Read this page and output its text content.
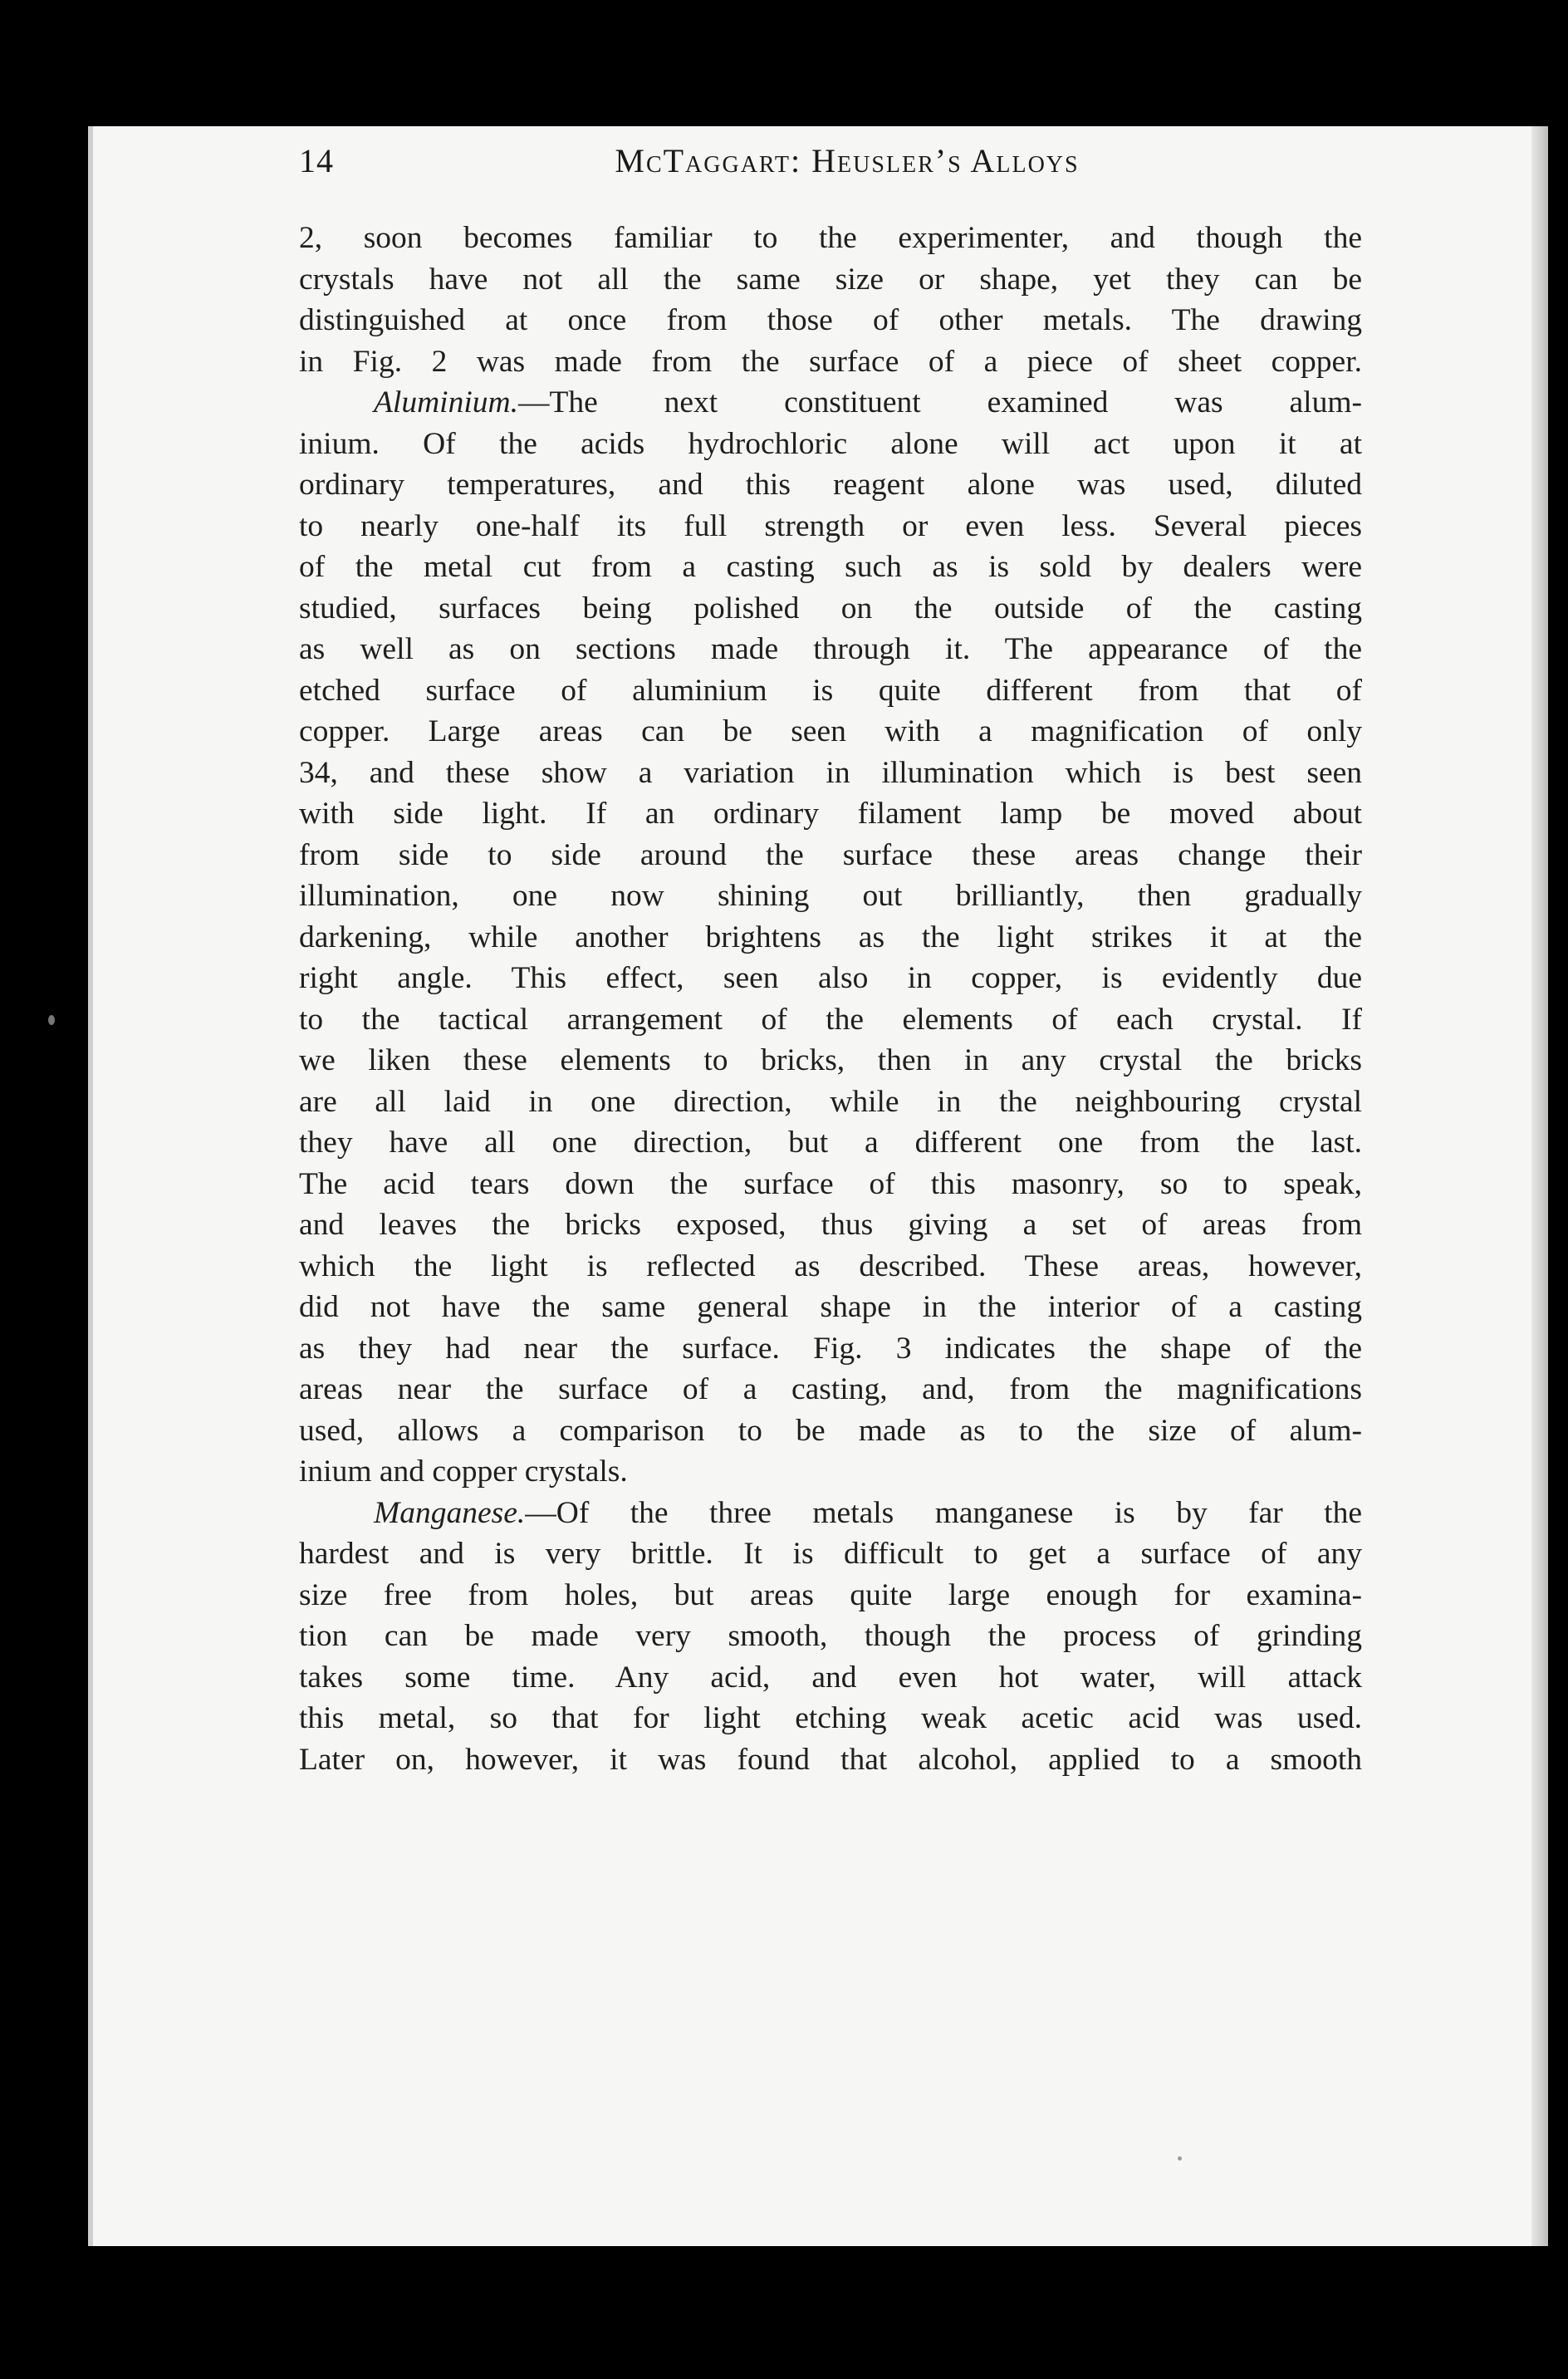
14	McTaggart: Heusler’s Alloys
2, soon becomes familiar to the experimenter, and though the
crystals have not all the same size or shape, yet they can be
distinguished at once from those of other metals. The drawing
in Fig. 2 was made from the surface of a piece of sheet copper.
Aluminium.—The next constituent examined was alum-
inium. Of the acids hydrochloric alone will act upon it at
ordinary temperatures, and this reagent alone was used, diluted
to nearly one-half its full strength or even less. Several pieces
of the metal cut from a casting such as is sold by dealers were
studied, surfaces being polished on the outside of the casting
as well as on sections made through it. The appearance of the
etched surface of aluminium is quite different from that of
copper. Large areas can be seen with a magnification of only
34, and these show a variation in illumination which is best seen
with side light. If an ordinary filament lamp be moved about
from side to side around the surface these areas change their
illumination, one now shining out brilliantly, then gradually
darkening, while another brightens as the light strikes it at the
right angle. This effect, seen also in copper, is evidently due
to the tactical arrangement of the elements of each crystal. If
we liken these elements to bricks, then in any crystal the bricks
are all laid in one direction, while in the neighbouring crystal
they have all one direction, but a different one from the last.
The acid tears down the surface of this masonry, so to speak,
and leaves the bricks exposed, thus giving a set of areas from
which the light is reflected as described. These areas, however,
did not have the same general shape in the interior of a casting
as they had near the surface. Fig. 3 indicates the shape of the
areas near the surface of a casting, and, from the magnifications
used, allows a comparison to be made as to the size of alum-
inium and copper crystals.
Manganese.—Of the three metals manganese is by far the
hardest and is very brittle. It is difficult to get a surface of any
size free from holes, but areas quite large enough for examina-
tion can be made very smooth, though the process of grinding
takes some time. Any acid, and even hot water, will attack
this metal, so that for light etching weak acetic acid was used.
Later on, however, it was found that alcohol, applied to a smooth
